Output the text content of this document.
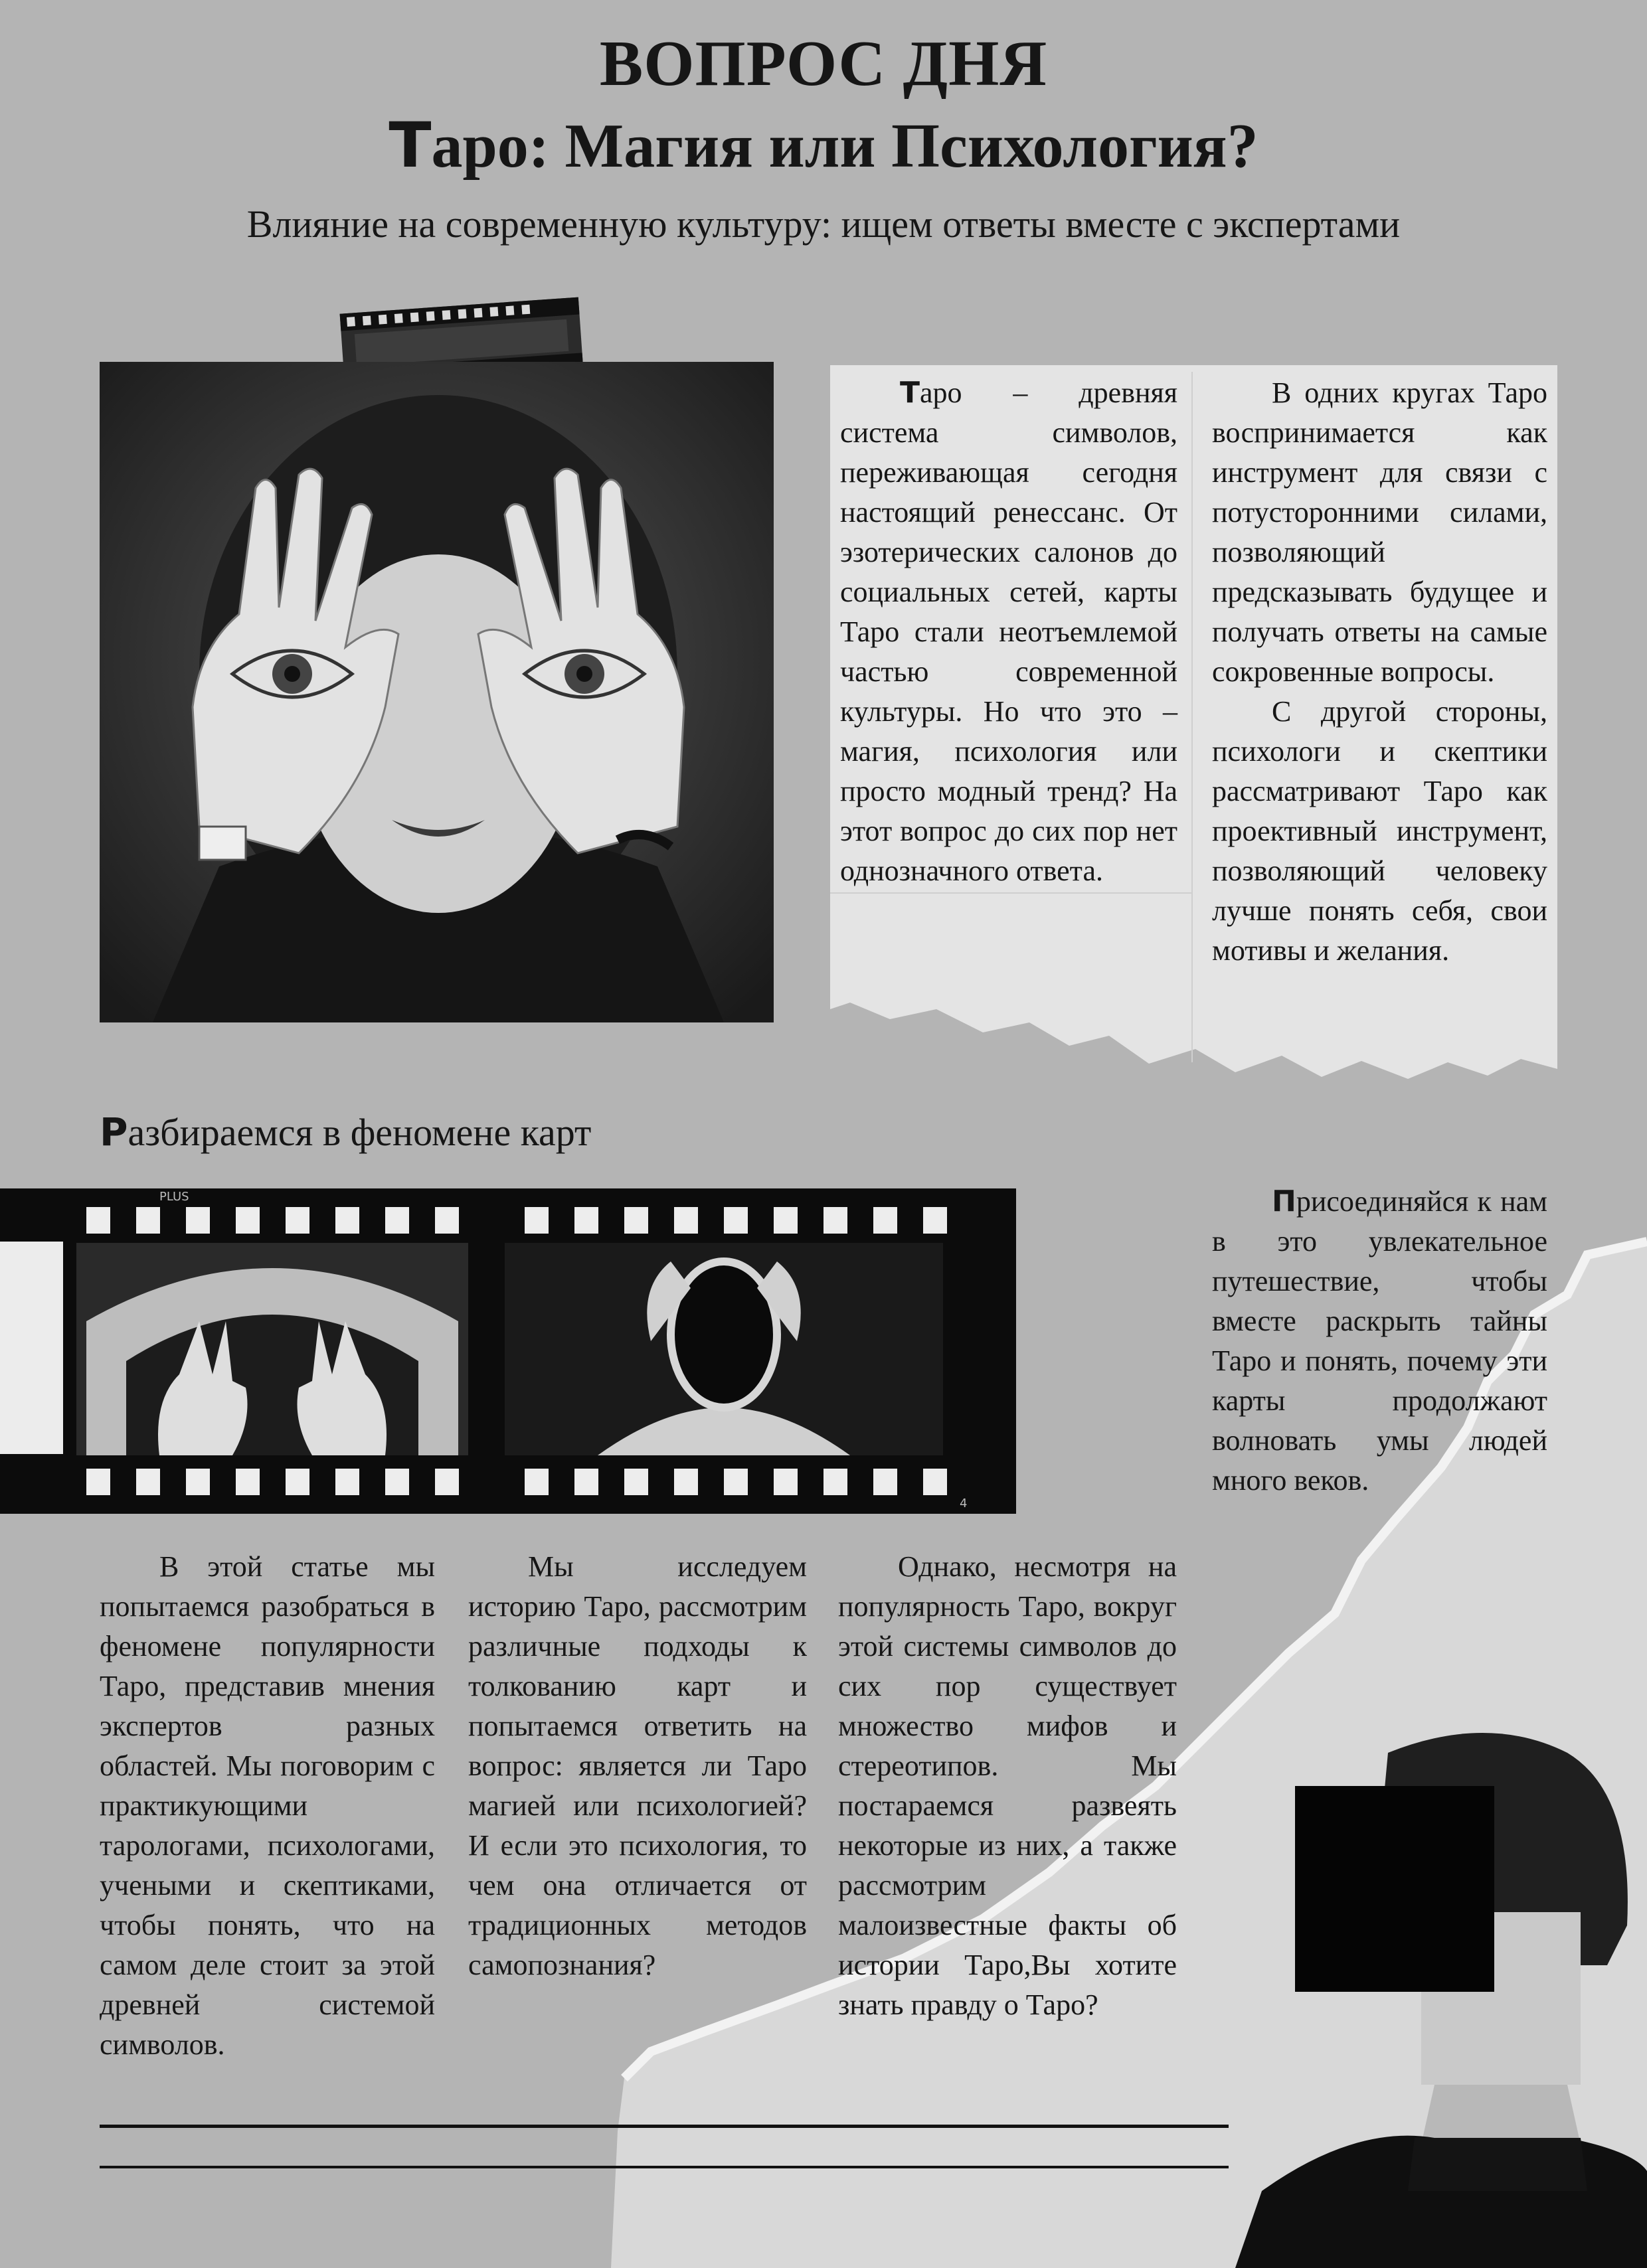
ВОПРОС ДНЯ
Таро: Магия или Психология?
Влияние на современную культуру: ищем ответы вместе с экспертами
Таро – древняя система символов, переживающая сегодня настоящий ренессанс. От эзотерических салонов до социальных сетей, карты Таро стали неотъемлемой частью современной культуры. Но что это – магия, психология или просто модный тренд? На этот вопрос до сих пор нет однозначного ответа.
В одних кругах Таро воспринимается как инструмент для связи с потусторонними силами, позволяющий предсказывать будущее и получать ответы на самые сокровенные вопросы.
С другой стороны, психологи и скептики рассматривают Таро как проективный инструмент, позволяющий человеку лучше понять себя, свои мотивы и желания.
Разбираемся в феномене карт
PLUS
4
Присоединяйся к нам в это увлекательное путешествие, чтобы вместе раскрыть тайны Таро и понять, почему эти карты продолжают волновать умы людей много веков.
В этой статье мы попытаемся разобраться в феномене популярности Таро, представив мнения экспертов разных областей. Мы поговорим с практикующими тарологами, психологами, учеными и скептиками, чтобы понять, что на самом деле стоит за этой древней системой символов.
Мы исследуем историю Таро, рассмотрим различные подходы к толкованию карт и попытаемся ответить на вопрос: является ли Таро магией или психологией? И если это психология, то чем она отличается от традиционных методов самопознания?
Однако, несмотря на популярность Таро, вокруг этой системы символов до сих пор существует множество мифов и стереотипов. Мы постараемся развеять некоторые из них, а также рассмотрим малоизвестные факты об истории Таро,Вы хотите знать правду о Таро?
